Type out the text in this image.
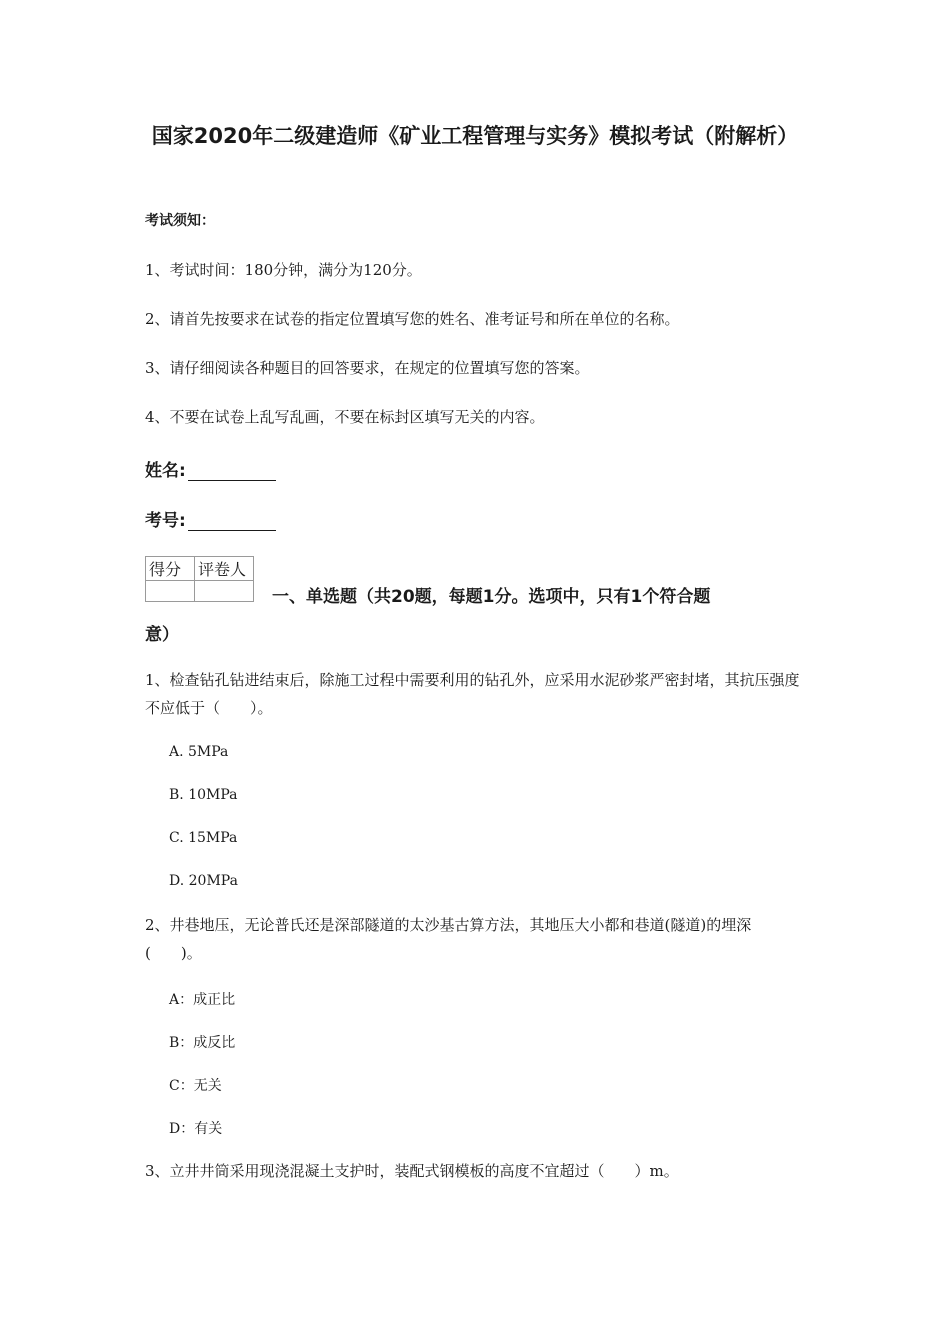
国家2020年二级建造师《矿业工程管理与实务》模拟考试（附解析）
考试须知：
1、考试时间：180分钟，满分为120分。
2、请首先按要求在试卷的指定位置填写您的姓名、准考证号和所在单位的名称。
3、请仔细阅读各种题目的回答要求，在规定的位置填写您的答案。
4、不要在试卷上乱写乱画，不要在标封区填写无关的内容。
姓名:
考号:
得分	评卷人

一、单选题（共20题，每题1分。选项中，只有1个符合题
意）
1、检查钻孔钻进结束后，除施工过程中需要利用的钻孔外，应采用水泥砂浆严密封堵，其抗压强度不应低于（　　）。
A. 5MPa
B. 10MPa
C. 15MPa
D. 20MPa
2、井巷地压，无论普氏还是深部隧道的太沙基古算方法，其地压大小都和巷道(隧道)的埋深(　　)。
A：成正比
B：成反比
C：无关
D：有关
3、立井井筒采用现浇混凝土支护时，装配式钢模板的高度不宜超过（　　）m。
